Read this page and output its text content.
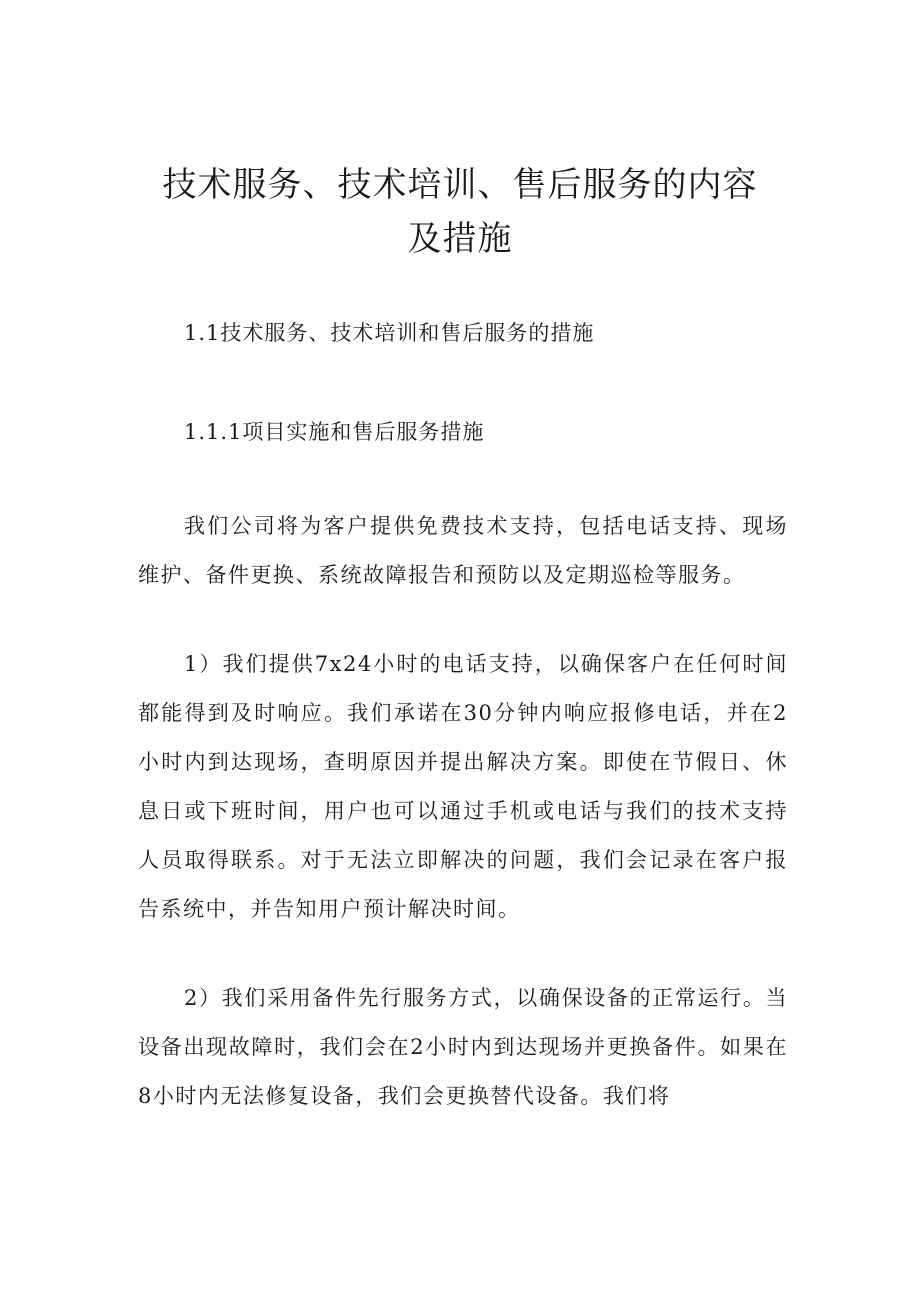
技术服务、技术培训、售后服务的内容及措施
1.1技术服务、技术培训和售后服务的措施
1.1.1项目实施和售后服务措施

我们公司将为客户提供免费技术支持，包括电话支持、现场维护、备件更换、系统故障报告和预防以及定期巡检等服务。

1）我们提供7x24小时的电话支持，以确保客户在任何时间都能得到及时响应。我们承诺在30分钟内响应报修电话，并在2小时内到达现场，查明原因并提出解决方案。即使在节假日、休息日或下班时间，用户也可以通过手机或电话与我们的技术支持人员取得联系。对于无法立即解决的问题，我们会记录在客户报告系统中，并告知用户预计解决时间。

2）我们采用备件先行服务方式，以确保设备的正常运行。当设备出现故障时，我们会在2小时内到达现场并更换备件。如果在8小时内无法修复设备，我们会更换替代设备。我们将
